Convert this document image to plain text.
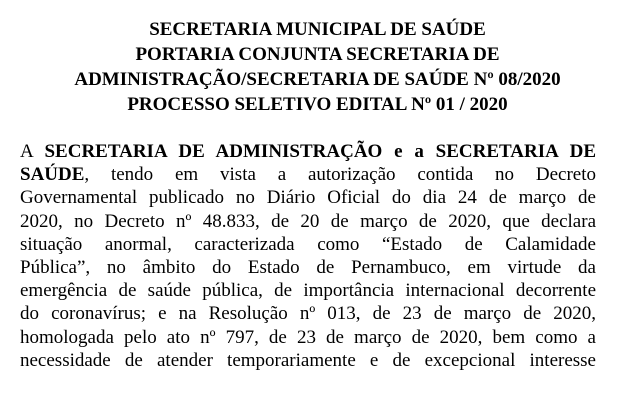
SECRETARIA MUNICIPAL DE SAÚDE
PORTARIA CONJUNTA SECRETARIA DE
ADMINISTRAÇÃO/SECRETARIA DE SAÚDE Nº 08/2020
PROCESSO SELETIVO EDITAL Nº 01 / 2020
A SECRETARIA DE ADMINISTRAÇÃO e a SECRETARIA DE
SAÚDE, tendo em vista a autorização contida no Decreto
Governamental publicado no Diário Oficial do dia 24 de março de
2020, no Decreto nº 48.833, de 20 de março de 2020, que declara
situação anormal, caracterizada como “Estado de Calamidade
Pública”, no âmbito do Estado de Pernambuco, em virtude da
emergência de saúde pública, de importância internacional decorrente
do coronavírus; e na Resolução nº 013, de 23 de março de 2020,
homologada pelo ato nº 797, de 23 de março de 2020, bem como a
necessidade de atender temporariamente e de excepcional interesse
